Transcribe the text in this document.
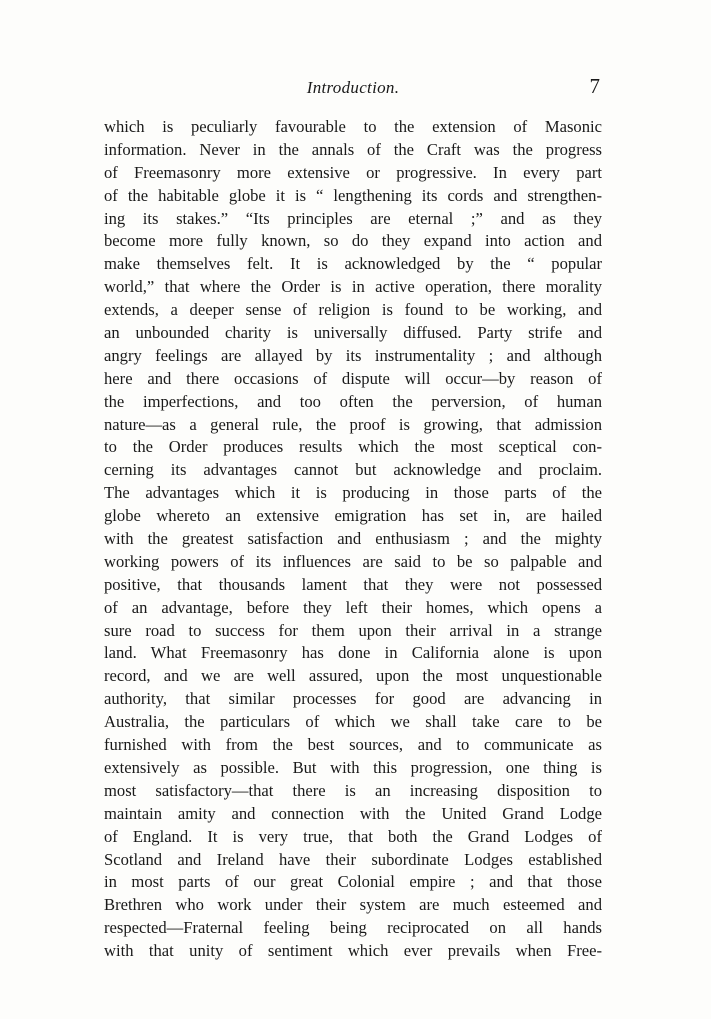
Introduction.	7
which is peculiarly favourable to the extension of Masonic
information. Never in the annals of the Craft was the progress
of Freemasonry more extensive or progressive. In every part
of the habitable globe it is “ lengthening its cords and strengthen-
ing its stakes.” “Its principles are eternal ;” and as they
become more fully known, so do they expand into action and
make themselves felt. It is acknowledged by the “ popular
world,” that where the Order is in active operation, there morality
extends, a deeper sense of religion is found to be working, and
an unbounded charity is universally diffused. Party strife and
angry feelings are allayed by its instrumentality ; and although
here and there occasions of dispute will occur—by reason of
the imperfections, and too often the perversion, of human
nature—as a general rule, the proof is growing, that admission
to the Order produces results which the most sceptical con-
cerning its advantages cannot but acknowledge and proclaim.
The advantages which it is producing in those parts of the
globe whereto an extensive emigration has set in, are hailed
with the greatest satisfaction and enthusiasm ; and the mighty
working powers of its influences are said to be so palpable and
positive, that thousands lament that they were not possessed
of an advantage, before they left their homes, which opens a
sure road to success for them upon their arrival in a strange
land. What Freemasonry has done in California alone is upon
record, and we are well assured, upon the most unquestionable
authority, that similar processes for good are advancing in
Australia, the particulars of which we shall take care to be
furnished with from the best sources, and to communicate as
extensively as possible. But with this progression, one thing is
most satisfactory—that there is an increasing disposition to
maintain amity and connection with the United Grand Lodge
of England. It is very true, that both the Grand Lodges of
Scotland and Ireland have their subordinate Lodges established
in most parts of our great Colonial empire ; and that those
Brethren who work under their system are much esteemed and
respected—Fraternal feeling being reciprocated on all hands
with that unity of sentiment which ever prevails when Free-
